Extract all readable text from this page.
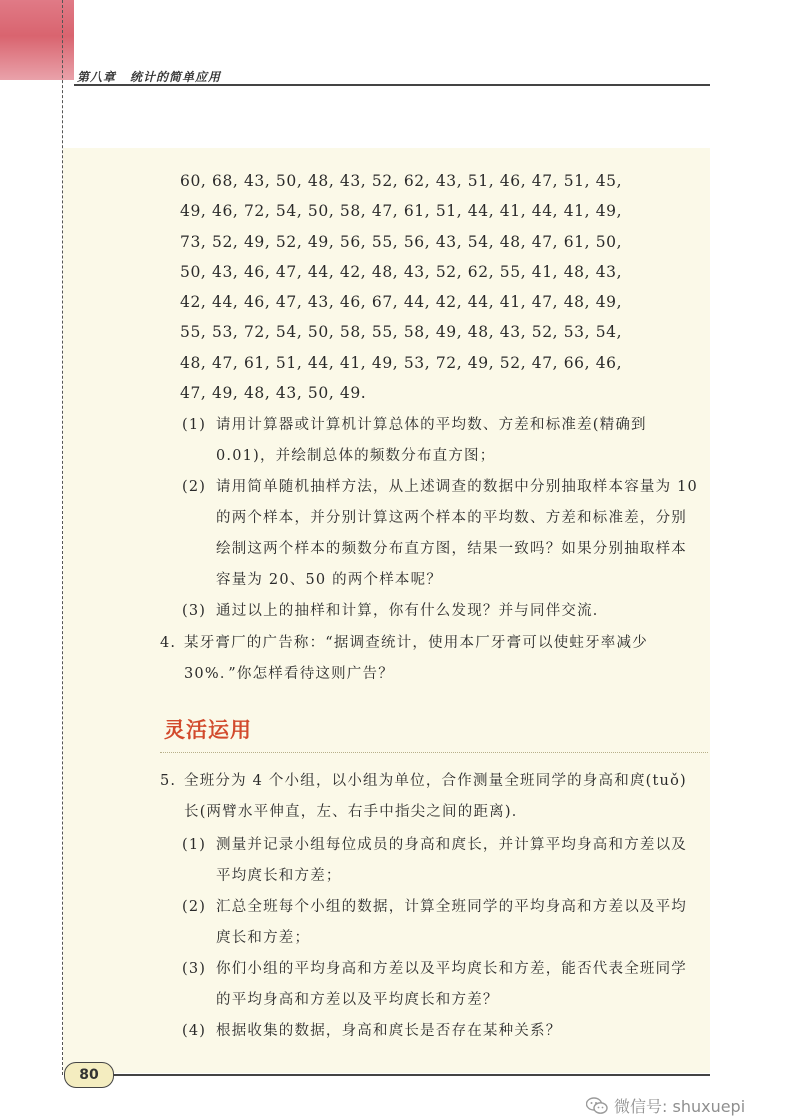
第八章 统计的简单应用
60, 68, 43, 50, 48, 43, 52, 62, 43, 51, 46, 47, 51, 45,
49, 46, 72, 54, 50, 58, 47, 61, 51, 44, 41, 44, 41, 49,
73, 52, 49, 52, 49, 56, 55, 56, 43, 54, 48, 47, 61, 50,
50, 43, 46, 47, 44, 42, 48, 43, 52, 62, 55, 41, 48, 43,
42, 44, 46, 47, 43, 46, 67, 44, 42, 44, 41, 47, 48, 49,
55, 53, 72, 54, 50, 58, 55, 58, 49, 48, 43, 52, 53, 54,
48, 47, 61, 51, 44, 41, 49, 53, 72, 49, 52, 47, 66, 46,
47, 49, 48, 43, 50, 49.
(1) 请用计算器或计算机计算总体的平均数、方差和标准差(精确到 0.01)，并绘制总体的频数分布直方图；
(2) 请用简单随机抽样方法，从上述调查的数据中分别抽取样本容量为 10 的两个样本，并分别计算这两个样本的平均数、方差和标准差，分别绘制这两个样本的频数分布直方图，结果一致吗？如果分别抽取样本容量为 20、50 的两个样本呢？
(3) 通过以上的抽样和计算，你有什么发现？并与同伴交流．
4. 某牙膏厂的广告称：“据调查统计，使用本厂牙膏可以使蛀牙率减少 30%．”你怎样看待这则广告？
灵活运用
5. 全班分为 4 个小组，以小组为单位，合作测量全班同学的身高和庹(tuǒ)长(两臂水平伸直，左、右手中指尖之间的距离)．
(1) 测量并记录小组每位成员的身高和庹长，并计算平均身高和方差以及平均庹长和方差；
(2) 汇总全班每个小组的数据，计算全班同学的平均身高和方差以及平均庹长和方差；
(3) 你们小组的平均身高和方差以及平均庹长和方差，能否代表全班同学的平均身高和方差以及平均庹长和方差？
(4) 根据收集的数据，身高和庹长是否存在某种关系？
80
微信号: shuxuepi
